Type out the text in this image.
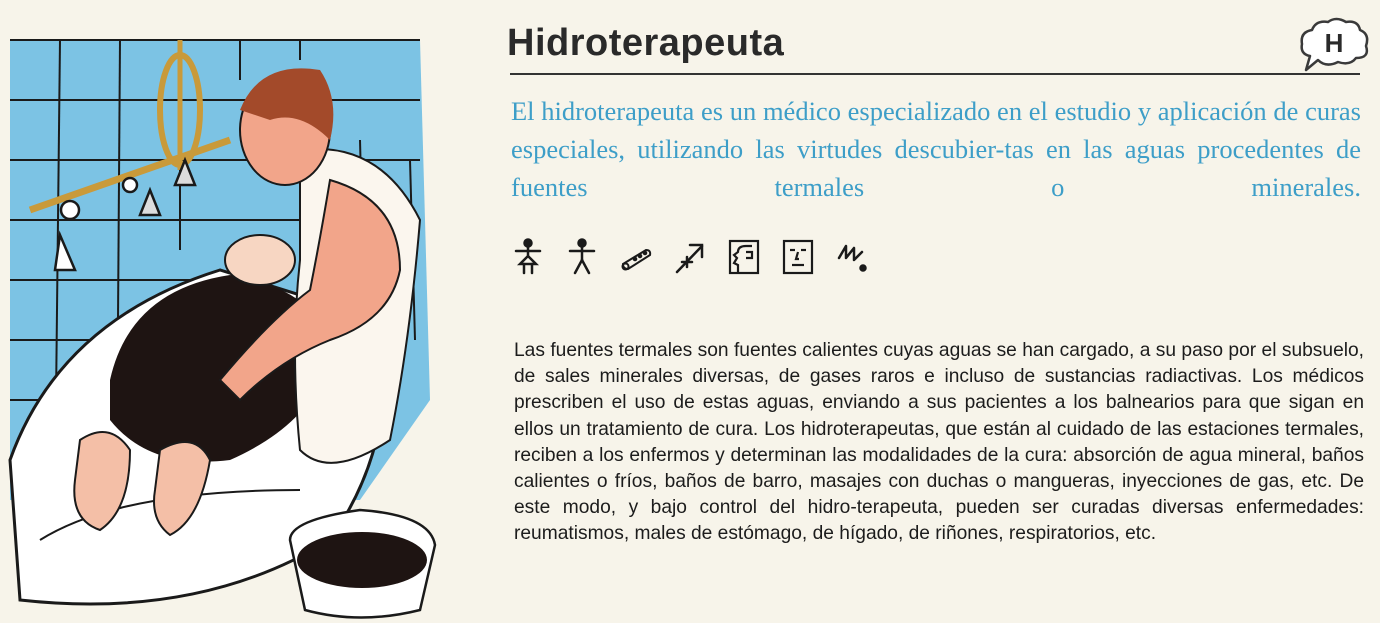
Hidroterapeuta	H

El hidroterapeuta es un médico especializado en el estudio y aplicación de curas especiales, utilizando las virtudes descubier-tas en las aguas procedentes de fuentes termales o minerales.

Las fuentes termales son fuentes calientes cuyas aguas se han cargado, a su paso por el subsuelo, de sales minerales diversas, de gases raros e incluso de sustancias radiactivas. Los médicos prescriben el uso de estas aguas, enviando a sus pacientes a los balnearios para que sigan en ellos un tratamiento de cura. Los hidroterapeutas, que están al cuidado de las estaciones termales, reciben a los enfermos y determinan las modalidades de la cura: absorción de agua mineral, baños calientes o fríos, baños de barro, masajes con duchas o mangueras, inyecciones de gas, etc. De este modo, y bajo control del hidro-terapeuta, pueden ser curadas diversas enfermedades: reumatismos, males de estómago, de hígado, de riñones, respiratorios, etc.
